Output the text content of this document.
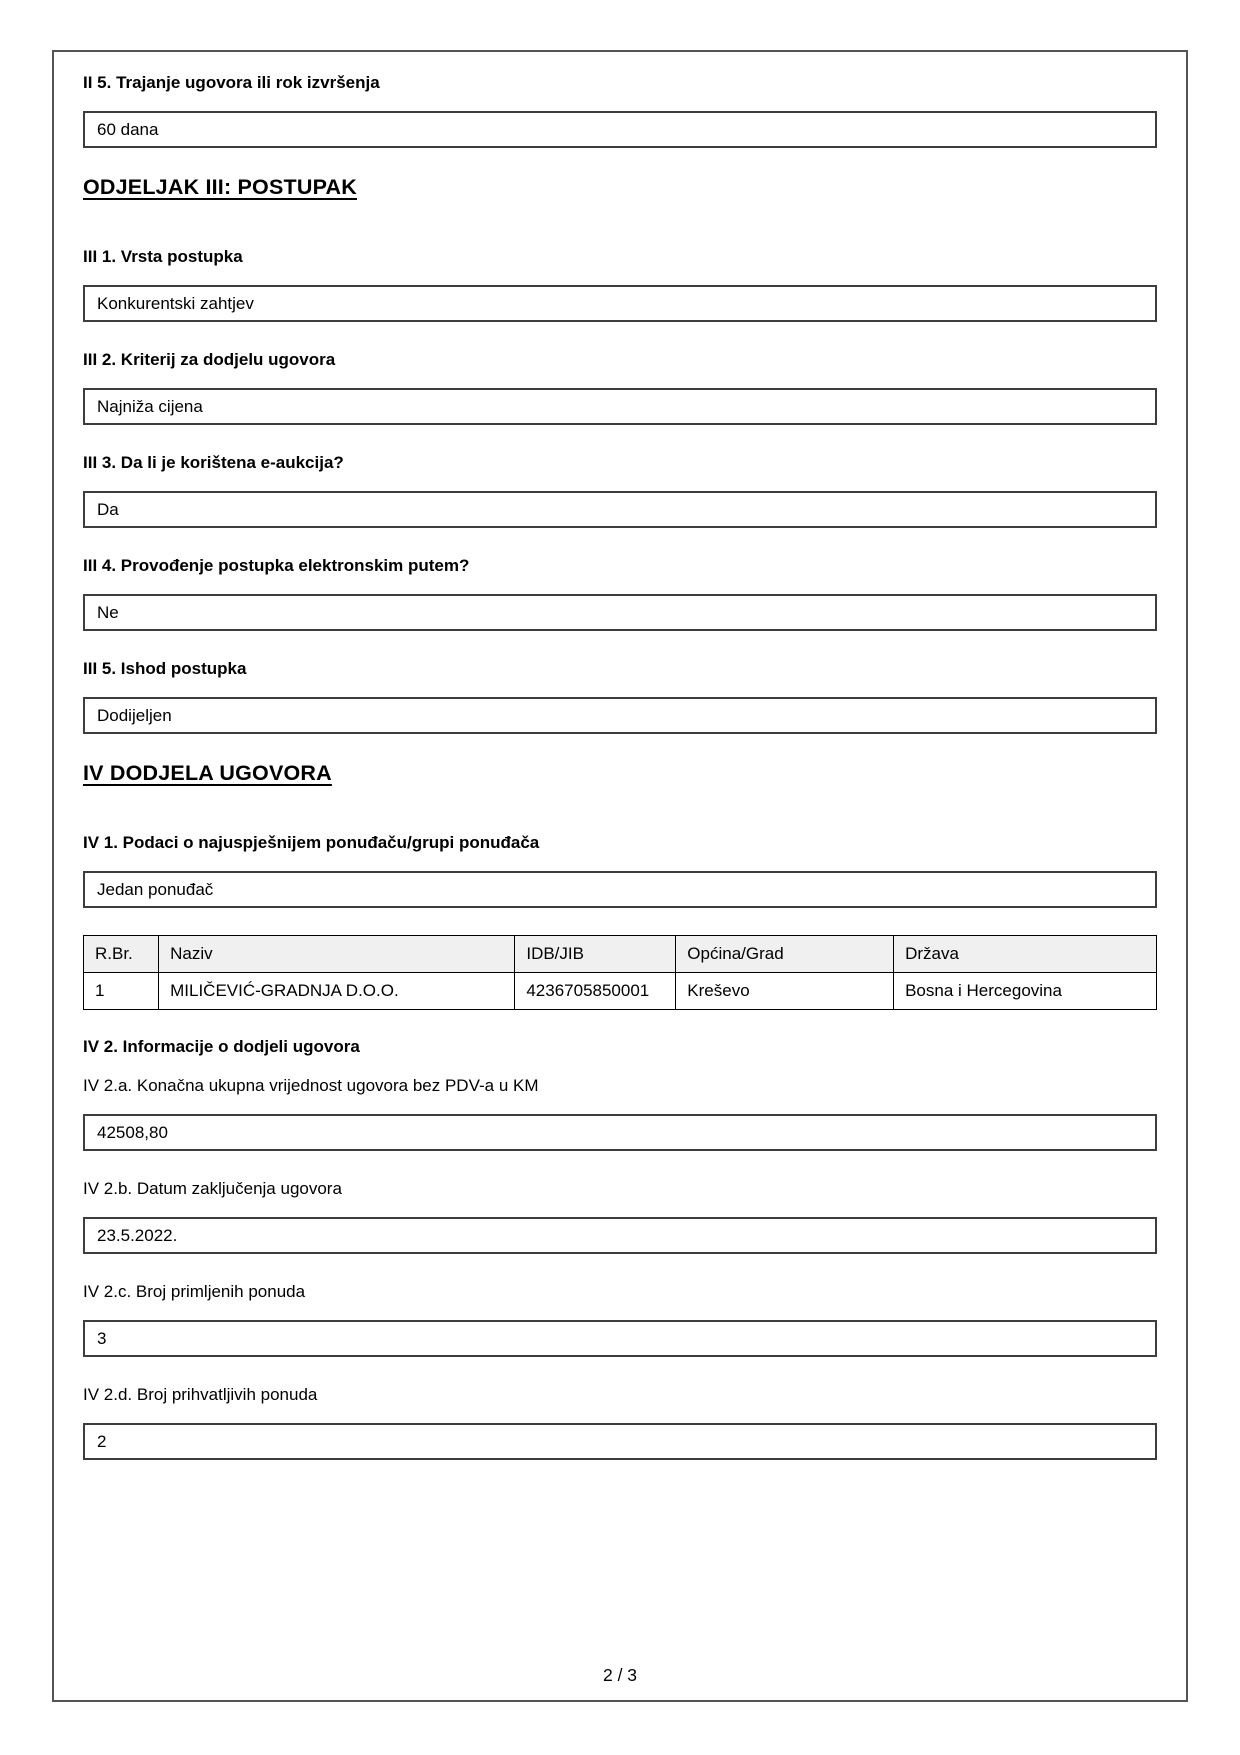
II 5. Trajanje ugovora ili rok izvršenja
60 dana
ODJELJAK III: POSTUPAK
III 1. Vrsta postupka
Konkurentski zahtjev
III 2. Kriterij za dodjelu ugovora
Najniža cijena
III 3. Da li je korištena e-aukcija?
Da
III 4. Provođenje postupka elektronskim putem?
Ne
III 5. Ishod postupka
Dodijeljen
IV DODJELA UGOVORA
IV 1. Podaci o najuspješnijem ponuđaču/grupi ponuđača
Jedan ponuđač
R.Br.	Naziv	IDB/JIB	Općina/Grad	Država
1	MILIČEVIĆ-GRADNJA D.O.O.	4236705850001	Kreševo	Bosna i Hercegovina
IV 2. Informacije o dodjeli ugovora
IV 2.a. Konačna ukupna vrijednost ugovora bez PDV-a u KM
42508,80
IV 2.b. Datum zaključenja ugovora
23.5.2022.
IV 2.c. Broj primljenih ponuda
3
IV 2.d. Broj prihvatljivih ponuda
2
2 / 3
